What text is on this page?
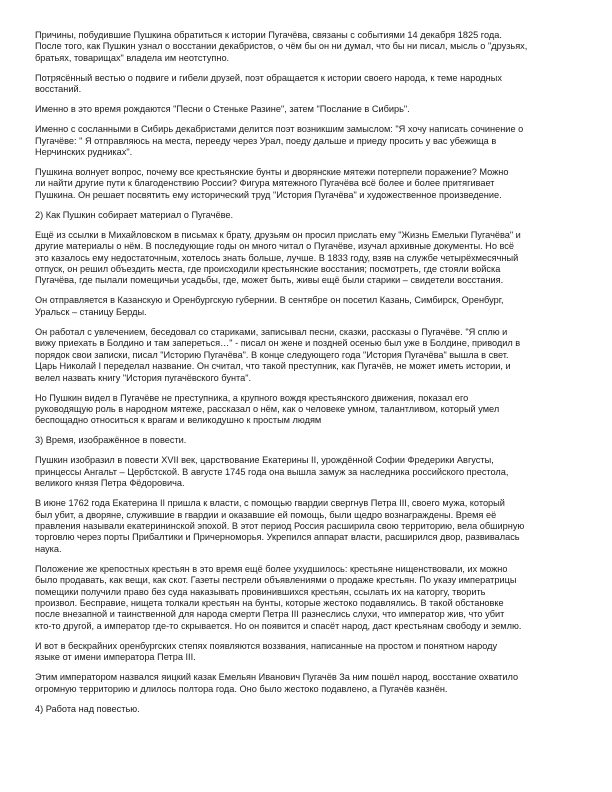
Причины, побудившие Пушкина обратиться к истории Пугачёва, связаны с событиями 14 декабря 1825 года.
После того, как Пушкин узнал о восстании декабристов, о чём бы он ни думал, что бы ни писал, мысль о "друзьях,
братьях, товарищах" владела им неотступно.

Потрясённый вестью о подвиге и гибели друзей, поэт обращается к истории своего народа, к теме народных
восстаний.

Именно в это время рождаются "Песни о Стеньке Разине", затем "Послание в Сибирь".

Именно с сосланными в Сибирь декабристами делится поэт возникшим замыслом: "Я хочу написать сочинение о
Пугачёве: " Я отправляюсь на места, перееду через Урал, поеду дальше и приеду просить у вас убежища в
Нерчинских рудниках".

Пушкина волнует вопрос, почему все крестьянские бунты и дворянские мятежи потерпели поражение? Можно
ли найти другие пути к благоденствию России? Фигура мятежного Пугачёва всё более и более притягивает
Пушкина. Он решает посвятить ему исторический труд "История Пугачёва" и художественное произведение.

2) Как Пушкин собирает материал о Пугачёве.

Ещё из ссылки в Михайловском в письмах к брату, друзьям он просил прислать ему "Жизнь Емельки Пугачёва" и
другие материалы о нём. В последующие годы он много читал о Пугачёве, изучал архивные документы. Но всё
это казалось ему недостаточным, хотелось знать больше, лучше. В 1833 году, взяв на службе четырёхмесячный
отпуск, он решил объездить места, где происходили крестьянские восстания; посмотреть, где стояли войска
Пугачёва, где пылали помещичьи усадьбы, где, может быть, живы ещё были старики – свидетели восстания.

Он отправляется в Казанскую и Оренбургскую губернии. В сентябре он посетил Казань, Симбирск, Оренбург,
Уральск – станицу Берды.

Он работал с увлечением, беседовал со стариками, записывал песни, сказки, рассказы о Пугачёве. "Я сплю и
вижу приехать в Болдино и там запереться…" - писал он жене и поздней осенью был уже в Болдине, приводил в
порядок свои записки, писал "Историю Пугачёва". В конце следующего года "История Пугачёва" вышла в свет.
Царь Николай I переделал название. Он считал, что такой преступник, как Пугачёв, не может иметь истории, и
велел назвать книгу "История пугачёвского бунта".

Но Пушкин видел в Пугачёве не преступника, а крупного вождя крестьянского движения, показал его
руководящую роль в народном мятеже, рассказал о нём, как о человеке умном, талантливом, который умел
беспощадно относиться к врагам и великодушно к простым людям

3) Время, изображённое в повести.

Пушкин изобразил в повести XVII век, царствование Екатерины II, урождённой Софии Фредерики Августы,
принцессы Ангальт – Цербстской. В августе 1745 года она вышла замуж за наследника российского престола,
великого князя Петра Фёдоровича.

В июне 1762 года Екатерина II пришла к власти, с помощью гвардии свергнув Петра III, своего мужа, который
был убит, а дворяне, служившие в гвардии и оказавшие ей помощь, были щедро вознаграждены. Время её
правления называли екатерининской эпохой. В этот период Россия расширила свою территорию, вела обширную
торговлю через порты Прибалтики и Причерноморья. Укрепился аппарат власти, расширился двор, развивалась
наука.

Положение же крепостных крестьян в это время ещё более ухудшилось: крестьяне нищенствовали, их можно
было продавать, как вещи, как скот. Газеты пестрели объявлениями о продаже крестьян. По указу императрицы
помещики получили право без суда наказывать провинившихся крестьян, ссылать их на каторгу, творить
произвол. Бесправие, нищета толкали крестьян на бунты, которые жестоко подавлялись. В такой обстановке
после внезапной и таинственной для народа смерти Петра III разнеслись слухи, что император жив, что убит
кто-то другой, а император где-то скрывается. Но он появится и спасёт народ, даст крестьянам свободу и землю.

И вот в бескрайних оренбургских степях появляются воззвания, написанные на простом и понятном народу
языке от имени императора Петра III.

Этим императором назвался яицкий казак Емельян Иванович Пугачёв За ним пошёл народ, восстание охватило
огромную территорию и длилось полтора года. Оно было жестоко подавлено, а Пугачёв казнён.

4) Работа над повестью.
